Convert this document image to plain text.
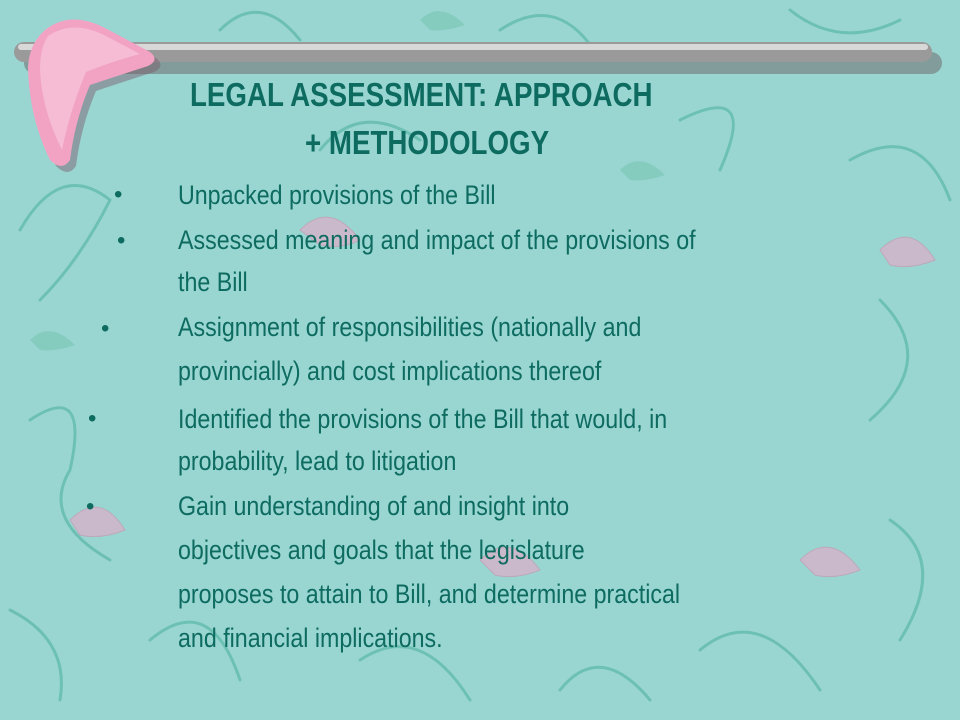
LEGAL ASSESSMENT: APPROACH
+ METHODOLOGY
• Unpacked provisions of the Bill
• Assessed meaning and impact of the provisions of
the Bill
•	Assignment of responsibilities (nationally and
provincially) and cost implications thereof
•	Identified the provisions of the Bill that would, in
probability, lead to litigation
•	Gain understanding of and insight into
objectives and goals that the legislature
proposes to attain to Bill, and determine practical
and financial implications.
